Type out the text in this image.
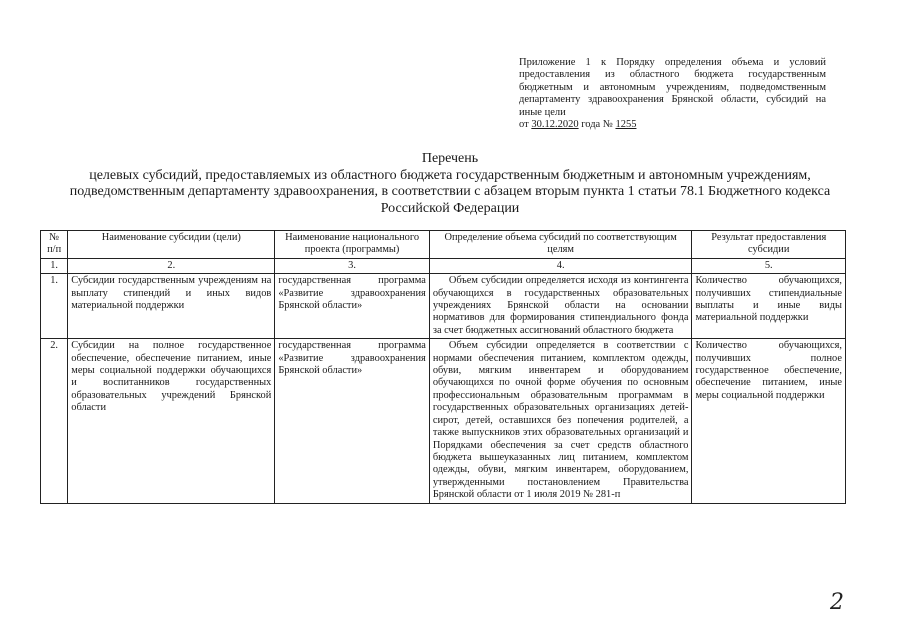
Приложение 1 к Порядку определения объема и условий предоставления из областного бюджета государственным бюджетным и автономным учреждениям, подведомственным департаменту здравоохранения Брянской области, субсидий на иные цели
от 30.12.2020 года № 1255
Перечень
целевых субсидий, предоставляемых из областного бюджета государственным бюджетным и автономным учреждениям, подведомственным департаменту здравоохранения, в соответствии с абзацем вторым пункта 1 статьи 78.1 Бюджетного кодекса Российской Федерации
№ п/п	Наименование субсидии (цели)	Наименование национального проекта (программы)	Определение объема субсидий по соответствующим целям	Результат предоставления субсидии
1.	2.	3.	4.	5.
1.	Субсидии государственным учреждениям на выплату стипендий и иных видов материальной поддержки	государственная программа «Развитие здравоохранения Брянской области»	Объем субсидии определяется исходя из контингента обучающихся в государственных образовательных учреждениях Брянской области на основании нормативов для формирования стипендиального фонда за счет бюджетных ассигнований областного бюджета	Количество обучающихся, получивших стипендиальные выплаты и иные виды материальной поддержки
2.	Субсидии на полное государственное обеспечение, обеспечение питанием, иные меры социальной поддержки обучающихся и воспитанников государственных образовательных учреждений Брянской области	государственная программа «Развитие здравоохранения Брянской области»	Объем субсидии определяется в соответствии с нормами обеспечения питанием, комплектом одежды, обуви, мягким инвентарем и оборудованием обучающихся по очной форме обучения по основным профессиональным образовательным программам в государственных образовательных организациях детей-сирот, детей, оставшихся без попечения родителей, а также выпускников этих образовательных организаций и Порядками обеспечения за счет средств областного бюджета вышеуказанных лиц питанием, комплектом одежды, обуви, мягким инвентарем, оборудованием, утвержденными постановлением Правительства Брянской области от 1 июля 2019 № 281-п	Количество обучающихся, получивших полное государственное обеспечение, обеспечение питанием, иные меры социальной поддержки
2
